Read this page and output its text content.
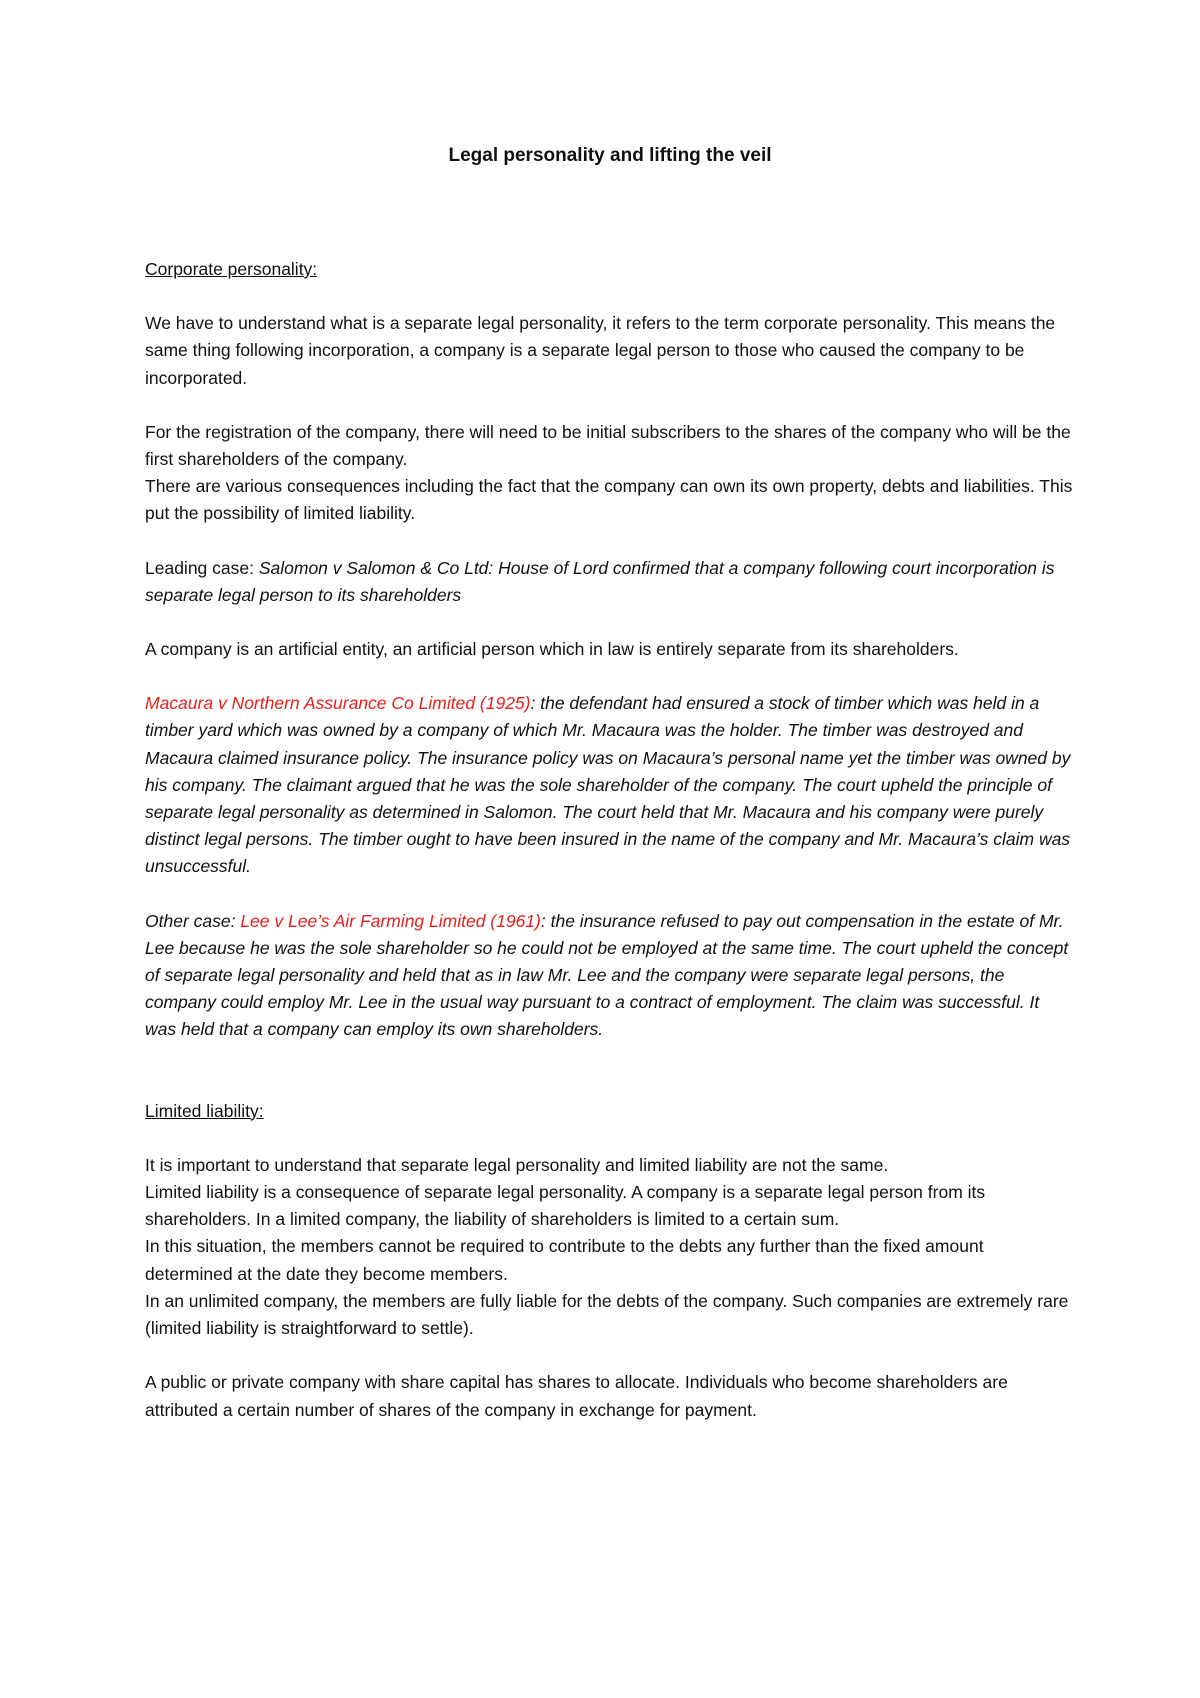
Legal personality and lifting the veil
Corporate personality:

We have to understand what is a separate legal personality, it refers to the term corporate personality. This means the same thing following incorporation, a company is a separate legal person to those who caused the company to be incorporated.

For the registration of the company, there will need to be initial subscribers to the shares of the company who will be the first shareholders of the company.

There are various consequences including the fact that the company can own its own property, debts and liabilities. This put the possibility of limited liability.

Leading case: Salomon v Salomon & Co Ltd: House of Lord confirmed that a company following court incorporation is separate legal person to its shareholders

A company is an artificial entity, an artificial person which in law is entirely separate from its shareholders.

Macaura v Northern Assurance Co Limited (1925): the defendant had ensured a stock of timber which was held in a timber yard which was owned by a company of which Mr. Macaura was the holder. The timber was destroyed and Macaura claimed insurance policy. The insurance policy was on Macaura’s personal name yet the timber was owned by his company. The claimant argued that he was the sole shareholder of the company. The court upheld the principle of separate legal personality as determined in Salomon. The court held that Mr. Macaura and his company were purely distinct legal persons. The timber ought to have been insured in the name of the company and Mr. Macaura’s claim was unsuccessful.

Other case: Lee v Lee’s Air Farming Limited (1961): the insurance refused to pay out compensation in the estate of Mr. Lee because he was the sole shareholder so he could not be employed at the same time. The court upheld the concept of separate legal personality and held that as in law Mr. Lee and the company were separate legal persons, the company could employ Mr. Lee in the usual way pursuant to a contract of employment. The claim was successful. It was held that a company can employ its own shareholders.

Limited liability:

It is important to understand that separate legal personality and limited liability are not the same.

Limited liability is a consequence of separate legal personality. A company is a separate legal person from its shareholders. In a limited company, the liability of shareholders is limited to a certain sum.

In this situation, the members cannot be required to contribute to the debts any further than the fixed amount determined at the date they become members.

In an unlimited company, the members are fully liable for the debts of the company. Such companies are extremely rare (limited liability is straightforward to settle).

A public or private company with share capital has shares to allocate. Individuals who become shareholders are attributed a certain number of shares of the company in exchange for payment.
